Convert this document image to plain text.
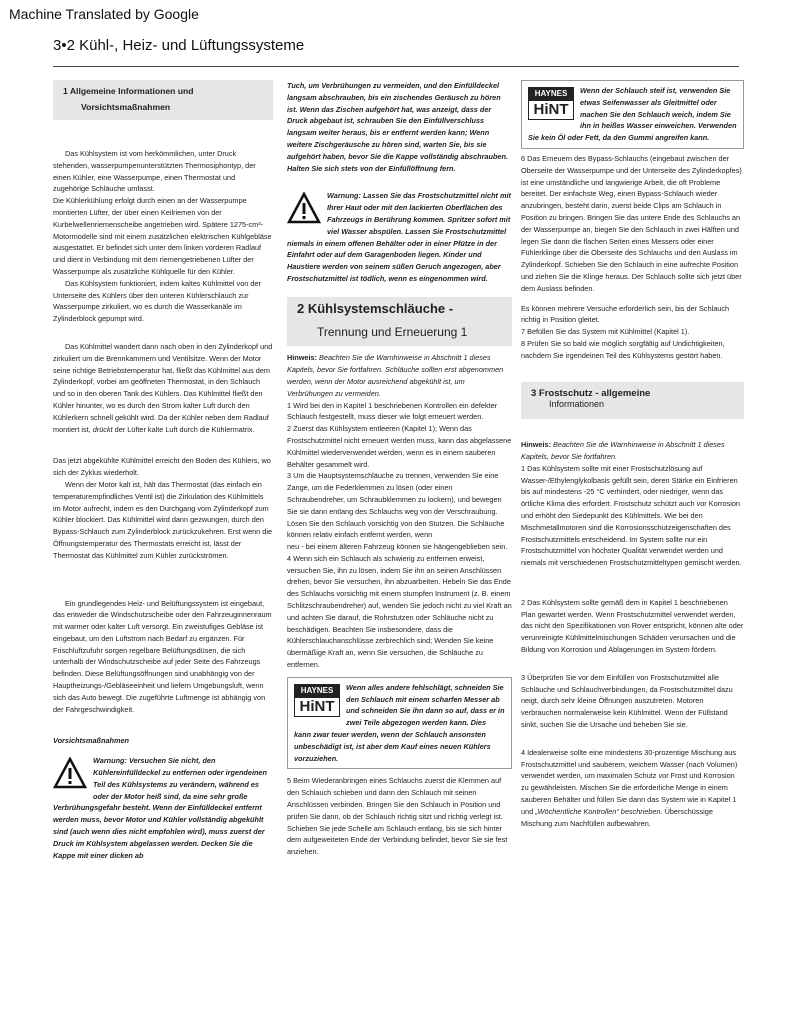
Machine Translated by Google
3•2 Kühl-, Heiz- und Lüftungssysteme
1 Allgemeine Informationen und
Vorsichtsmaßnahmen

Das Kühlsystem ist vom herkömmlichen, unter Druck stehenden, wasserpumpenunterstützten Thermosiphontyp, der einen Kühler, eine Wasserpumpe, einen Thermostat und zugehörige Schläuche umfasst.

Die Kühlerkühlung erfolgt durch einen an der Wasserpumpe montierten Lüfter, der über einen Keilriemen von der Kurbelwellenriemenscheibe angetrieben wird. Spätere 1275-cm³-Motormodelle sind mit einem zusätzlichen elektrischen Kühlgebläse ausgestattet. Er befindet sich unter dem linken vorderen Radlauf und dient in Verbindung mit dem riemengetriebenen Lüfter der Wasserpumpe als zusätzliche Kühlquelle für den Kühler.

Das Kühlsystem funktioniert, indem kaltes Kühlmittel von der Unterseite des Kühlers über den unteren Kühlerschlauch zur Wasserpumpe zirkuliert, wo es durch die Wasserkanäle im Zylinderblock gepumpt wird.

Das Kühlmittel wandert dann nach oben in den Zylinderkopf und zirkuliert um die Brennkammern und Ventilsitze. Wenn der Motor seine richtige Betriebstemperatur hat, fließt das Kühlmittel aus dem Zylinderkopf, vorbei am geöffneten Thermostat, in den Schlauch und so in den oberen Tank des Kühlers. Das Kühlmittel fließt den Kühler hinunter, wo es durch den Strom kalter Luft durch den Kühlerkern schnell gekühlt wird. Da der Kühler neben dem Radlauf montiert ist, drückt der Lüfter kalte Luft durch die Kühlermatrix.

Das jetzt abgekühlte Kühlmittel erreicht den Boden des Kühlers, wo sich der Zyklus wiederholt.

Wenn der Motor kalt ist, hält das Thermostat (das einfach ein temperaturempfindliches Ventil ist) die Zirkulation des Kühlmittels im Motor aufrecht, indem es den Durchgang vom Zylinderkopf zum Kühler blockiert. Das Kühlmittel wird dann gezwungen, durch den Bypass-Schlauch zum Zylinderblock zurückzukehren. Erst wenn die Öffnungstemperatur des Thermostats erreicht ist, lässt der Thermostat das Kühlmittel zum Kühler zurückströmen.

Ein grundlegendes Heiz- und Belüftungssystem ist eingebaut, das entweder die Windschutzscheibe oder den Fahrzeuginnenraum mit warmer oder kalter Luft versorgt. Ein zweistufiges Gebläse ist eingebaut, um den Luftstrom nach Bedarf zu ergänzen. Für Frischluftzufuhr sorgen regelbare Belüftungsdüsen, die sich unterhalb der Windschutzscheibe auf jeder Seite des Fahrzeugs befinden. Diese Belüftungsöffnungen sind unabhängig von der Hauptheizungs-/Gebläseeinheit und liefern Umgebungsluft, wenn sich das Auto bewegt. Die zugeführte Luftmenge ist abhängig von der Fahrgeschwindigkeit.

Vorsichtsmaßnahmen

Warnung: Versuchen Sie nicht, den Kühlereinfülldeckel zu entfernen oder irgendeinen Teil des Kühlsystems zu verändern, während es oder der Motor heiß sind, da eine sehr große Verbrühungsgefahr besteht. Wenn der Einfülldeckel entfernt werden muss, bevor Motor und Kühler vollständig abgekühlt sind (auch wenn dies nicht empfohlen wird), muss zuerst der Druck im Kühlsystem abgelassen werden. Decken Sie die Kappe mit einer dicken ab

Tuch, um Verbrühungen zu vermeiden, und den Einfülldeckel langsam abschrauben, bis ein zischendes Geräusch zu hören ist. Wenn das Zischen aufgehört hat, was anzeigt, dass der Druck abgebaut ist, schrauben Sie den Einfüllverschluss langsam weiter heraus, bis er entfernt werden kann; Wenn weitere Zischgeräusche zu hören sind, warten Sie, bis sie aufgehört haben, bevor Sie die Kappe vollständig abschrauben. Halten Sie sich stets von der Einfüllöffnung fern.

Warnung: Lassen Sie das Frostschutzmittel nicht mit Ihrer Haut oder mit den lackierten Oberflächen des Fahrzeugs in Berührung kommen. Spritzer sofort mit viel Wasser abspülen. Lassen Sie Frostschutzmittel niemals in einem offenen Behälter oder in einer Pfütze in der Einfahrt oder auf dem Garagenboden liegen. Kinder und Haustiere werden von seinem süßen Geruch angezogen, aber Frostschutzmittel ist tödlich, wenn es eingenommen wird.

2 Kühlsystemschläuche -
Trennung und Erneuerung 1

Hinweis: Beachten Sie die Warnhinweise in Abschnitt 1 dieses Kapitels, bevor Sie fortfahren. Schläuche sollten erst abgenommen werden, wenn der Motor ausreichend abgekühlt ist, um Verbrühungen zu vermeiden.

1 Wird bei den in Kapitel 1 beschriebenen Kontrollen ein defekter Schlauch festgestellt, muss dieser wie folgt erneuert werden.

2 Zuerst das Kühlsystem entleeren (Kapitel 1); Wenn das Frostschutzmittel nicht erneuert werden muss, kann das abgelassene Kühlmittel wiederverwendet werden, wenn es in einem sauberen Behälter gesammelt wird.

3 Um die Hauptsystemschläuche zu trennen, verwenden Sie eine Zange, um die Federklemmen zu lösen (oder einen Schraubendreher, um Schraubklemmen zu lockern), und bewegen Sie sie dann entlang des Schlauchs weg von der Verschraubung. Lösen Sie den Schlauch vorsichtig von den Stutzen. Die Schläuche können relativ einfach entfernt werden, wenn

neu - bei einem älteren Fahrzeug können sie hängengeblieben sein.

4 Wenn sich ein Schlauch als schwierig zu entfernen erweist, versuchen Sie, ihn zu lösen, indem Sie ihn an seinen Anschlüssen drehen, bevor Sie versuchen, ihn abzuarbeiten. Hebeln Sie das Ende des Schlauchs vorsichtig mit einem stumpfen Instrument (z. B. einem Schlitzschraubendreher) auf, wenden Sie jedoch nicht zu viel Kraft an und achten Sie darauf, die Rohrstutzen oder Schläuche nicht zu beschädigen. Beachten Sie insbesondere, dass die Kühlerschlauchanschlüsse zerbrechlich sind; Wenden Sie keine übermäßige Kraft an, wenn Sie versuchen, die Schläuche zu entfernen.

HAYNES
HiNT

Wenn alles andere fehlschlägt, schneiden Sie den Schlauch mit einem scharfen Messer ab und schneiden Sie ihn dann so auf, dass er in zwei Teile abgezogen werden kann. Dies kann zwar teuer werden, wenn der Schlauch ansonsten unbeschädigt ist, ist aber dem Kauf eines neuen Kühlers vorzuziehen.

5 Beim Wiederanbringen eines Schlauchs zuerst die Klemmen auf den Schlauch schieben und dann den Schlauch mit seinen Anschlüssen verbinden. Bringen Sie den Schlauch in Position und prüfen Sie dann, ob der Schlauch richtig sitzt und richtig verlegt ist. Schieben Sie jede Schelle am Schlauch entlang, bis sie sich hinter dem aufgeweiteten Ende der Verbindung befindet, bevor Sie sie fest anziehen.

HAYNES
HiNT

Wenn der Schlauch steif ist, verwenden Sie etwas Seifenwasser als Gleitmittel oder machen Sie den Schlauch weich, indem Sie ihn in heißes Wasser einweichen. Verwenden Sie kein Öl oder Fett, da den Gummi angreifen kann.

6 Das Erneuern des Bypass-Schlauchs (eingebaut zwischen der Oberseite der Wasserpumpe und der Unterseite des Zylinderkopfes) ist eine umständliche und langwierige Arbeit, die oft Probleme bereitet. Der einfachste Weg, einen Bypass-Schlauch wieder anzubringen, besteht darin, zuerst beide Clips am Schlauch in Position zu bringen. Bringen Sie das untere Ende des Schlauchs an der Wasserpumpe an, biegen Sie den Schlauch in zwei Hälften und legen Sie dann die flachen Seiten eines Messers oder einer Fühlerklinge über die Oberseite des Schlauchs und den Auslass im Zylinderkopf. Schieben Sie den Schlauch in eine aufrechte Position und ziehen Sie die Klinge heraus. Der Schlauch sollte sich jetzt über dem Auslass befinden.

Es können mehrere Versuche erforderlich sein, bis der Schlauch richtig in Position gleitet.

7 Befüllen Sie das System mit Kühlmittel (Kapitel 1).

8 Prüfen Sie so bald wie möglich sorgfältig auf Undichtigkeiten, nachdem Sie irgendeinen Teil des Kühlsystems gestört haben.

3 Frostschutz - allgemeine
Informationen

Hinweis: Beachten Sie die Warnhinweise in Abschnitt 1 dieses Kapitels, bevor Sie fortfahren.

1 Das Kühlsystem sollte mit einer Frostschutzlösung auf Wasser-/Ethylenglykolbasis gefüllt sein, deren Stärke ein Einfrieren bis auf mindestens -25 °C verhindert, oder niedriger, wenn das örtliche Klima dies erfordert. Frostschutz schützt auch vor Korrosion und erhöht den Siedepunkt des Kühlmittels. Wie bei den Mischmetallmotoren sind die Korrosionsschutzeigenschaften des Frostschutzmittels entscheidend. Im System sollte nur ein Frostschutzmittel von höchster Qualität verwendet werden und niemals mit verschiedenen Frostschutzmitteltypen gemischt werden.

2 Das Kühlsystem sollte gemäß dem in Kapitel 1 beschriebenen Plan gewartet werden. Wenn Frostschutzmittel verwendet werden, das nicht den Spezifikationen von Rover entspricht, können alte oder verunreinigte Kühlmittelmischungen Schäden verursachen und die Bildung von Korrosion und Ablagerungen im System fördern.

3 Überprüfen Sie vor dem Einfüllen von Frostschutzmittel alle Schläuche und Schlauchverbindungen, da Frostschutzmittel dazu neigt, durch sehr kleine Öffnungen auszutreten. Motoren verbrauchen normalerweise kein Kühlmittel. Wenn der Füllstand sinkt, suchen Sie die Ursache und beheben Sie sie.

4 Idealerweise sollte eine mindestens 30-prozentige Mischung aus Frostschutzmittel und sauberem, weichem Wasser (nach Volumen) verwendet werden, um maximalen Schutz vor Frost und Korrosion zu gewährleisten. Mischen Sie die erforderliche Menge in einem sauberen Behälter und füllen Sie dann das System wie in Kapitel 1 und „Wöchentliche Kontrollen“ beschrieben. Überschüssige Mischung zum Nachfüllen aufbewahren.
